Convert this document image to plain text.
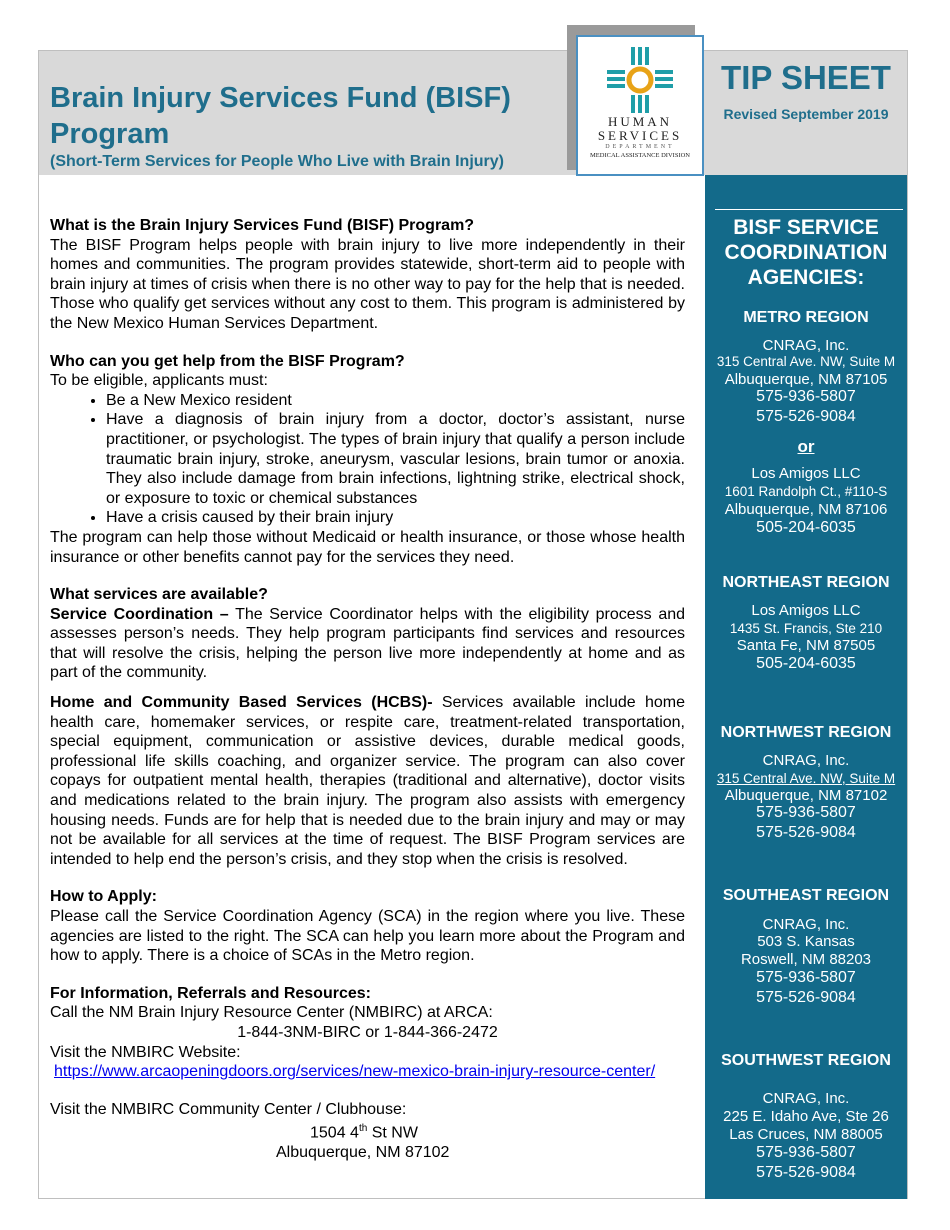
Brain Injury Services Fund (BISF) Program
(Short-Term Services for People Who Live with Brain Injury)
HUMAN
SERVICES
DEPARTMENT
MEDICAL ASSISTANCE DIVISION
TIP SHEET
Revised September 2019
BISF SERVICE
COORDINATION
AGENCIES:
METRO REGION
CNRAG, Inc.
315 Central Ave. NW, Suite M
Albuquerque, NM 87105
575-936-5807
575-526-9084
or
Los Amigos LLC
1601 Randolph Ct., #110-S
Albuquerque, NM 87106
505-204-6035
NORTHEAST REGION
Los Amigos LLC
1435 St. Francis, Ste 210
Santa Fe, NM 87505
505-204-6035
NORTHWEST REGION
CNRAG, Inc.
315 Central Ave. NW, Suite M
Albuquerque, NM 87102
575-936-5807
575-526-9084
SOUTHEAST REGION
CNRAG, Inc.
503 S. Kansas
Roswell, NM 88203
575-936-5807
575-526-9084
SOUTHWEST REGION
CNRAG, Inc.
225 E. Idaho Ave, Ste 26
Las Cruces, NM 88005
575-936-5807
575-526-9084
What is the Brain Injury Services Fund (BISF) Program?

The BISF Program helps people with brain injury to live more independently in their homes and communities. The program provides statewide, short-term aid to people with brain injury at times of crisis when there is no other way to pay for the help that is needed. Those who qualify get services without any cost to them. This program is administered by the New Mexico Human Services Department.

Who can you get help from the BISF Program?

To be eligible, applicants must:

• Be a New Mexico resident
• Have a diagnosis of brain injury from a doctor, doctor’s assistant, nurse practitioner, or psychologist. The types of brain injury that qualify a person include traumatic brain injury, stroke, aneurysm, vascular lesions, brain tumor or anoxia. They also include damage from brain infections, lightning strike, electrical shock, or exposure to toxic or chemical substances
• Have a crisis caused by their brain injury

The program can help those without Medicaid or health insurance, or those whose health insurance or other benefits cannot pay for the services they need.

What services are available?

Service Coordination – The Service Coordinator helps with the eligibility process and assesses person’s needs. They help program participants find services and resources that will resolve the crisis, helping the person live more independently at home and as part of the community.

Home and Community Based Services (HCBS)- Services available include home health care, homemaker services, or respite care, treatment-related transportation, special equipment, communication or assistive devices, durable medical goods, professional life skills coaching, and organizer service. The program can also cover copays for outpatient mental health, therapies (traditional and alternative), doctor visits and medications related to the brain injury. The program also assists with emergency housing needs. Funds are for help that is needed due to the brain injury and may or may not be available for all services at the time of request. The BISF Program services are intended to help end the person’s crisis, and they stop when the crisis is resolved.

How to Apply:

Please call the Service Coordination Agency (SCA) in the region where you live. These agencies are listed to the right. The SCA can help you learn more about the Program and how to apply. There is a choice of SCAs in the Metro region.

For Information, Referrals and Resources:

Call the NM Brain Injury Resource Center (NMBIRC) at ARCA:

1-844-3NM-BIRC or 1-844-366-2472

Visit the NMBIRC Website:

https://www.arcaopeningdoors.org/services/new-mexico-brain-injury-resource-center/

Visit the NMBIRC Community Center / Clubhouse:

1504 4th St NW

Albuquerque, NM 87102
